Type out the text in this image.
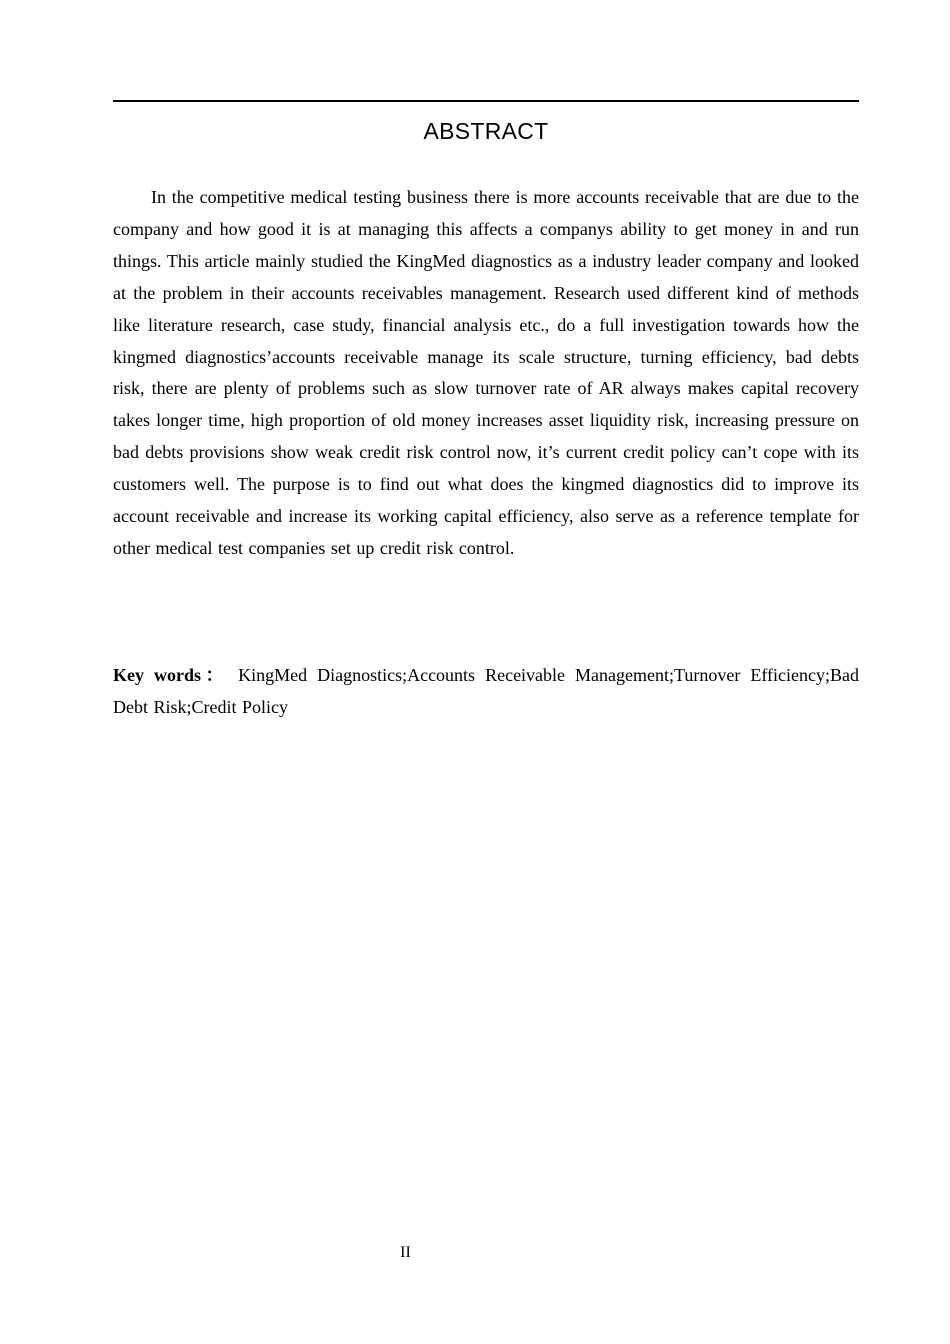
ABSTRACT

In the competitive medical testing business there is more accounts receivable that are due to the company and how good it is at managing this affects a companys ability to get money in and run things. This article mainly studied the KingMed diagnostics as a industry leader company and looked at the problem in their accounts receivables management. Research used different kind of methods like literature research, case study, financial analysis etc., do a full investigation towards how the kingmed diagnostics’accounts receivable manage its scale structure, turning efficiency, bad debts risk, there are plenty of problems such as slow turnover rate of AR always makes capital recovery takes longer time, high proportion of old money increases asset liquidity risk, increasing pressure on bad debts provisions show weak credit risk control now, it’s current credit policy can’t cope with its customers well. The purpose is to find out what does the kingmed diagnostics did to improve its account receivable and increase its working capital efficiency, also serve as a reference template for other medical test companies set up credit risk control.

Key words： KingMed Diagnostics;Accounts Receivable Management;Turnover Efficiency;Bad Debt Risk;Credit Policy

II
